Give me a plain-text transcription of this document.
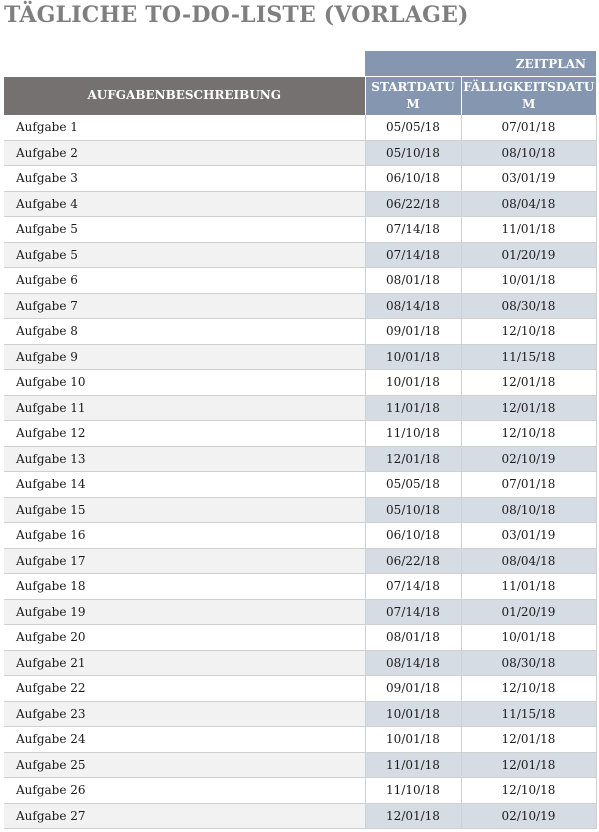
TÄGLICHE TO-DO-LISTE (VORLAGE)
	ZEITPLAN	
AUFGABENBESCHREIBUNG	STARTDATUM	FÄLLIGKEITSDATUM

Aufgabe 1	05/05/18	07/01/18
Aufgabe 2	05/10/18	08/10/18
Aufgabe 3	06/10/18	03/01/19
Aufgabe 4	06/22/18	08/04/18
Aufgabe 5	07/14/18	11/01/18
Aufgabe 5	07/14/18	01/20/19
Aufgabe 6	08/01/18	10/01/18
Aufgabe 7	08/14/18	08/30/18
Aufgabe 8	09/01/18	12/10/18
Aufgabe 9	10/01/18	11/15/18
Aufgabe 10	10/01/18	12/01/18
Aufgabe 11	11/01/18	12/01/18
Aufgabe 12	11/10/18	12/10/18
Aufgabe 13	12/01/18	02/10/19
Aufgabe 14	05/05/18	07/01/18
Aufgabe 15	05/10/18	08/10/18
Aufgabe 16	06/10/18	03/01/19
Aufgabe 17	06/22/18	08/04/18
Aufgabe 18	07/14/18	11/01/18
Aufgabe 19	07/14/18	01/20/19
Aufgabe 20	08/01/18	10/01/18
Aufgabe 21	08/14/18	08/30/18
Aufgabe 22	09/01/18	12/10/18
Aufgabe 23	10/01/18	11/15/18
Aufgabe 24	10/01/18	12/01/18
Aufgabe 25	11/01/18	12/01/18
Aufgabe 26	11/10/18	12/10/18
Aufgabe 27	12/01/18	02/10/19
